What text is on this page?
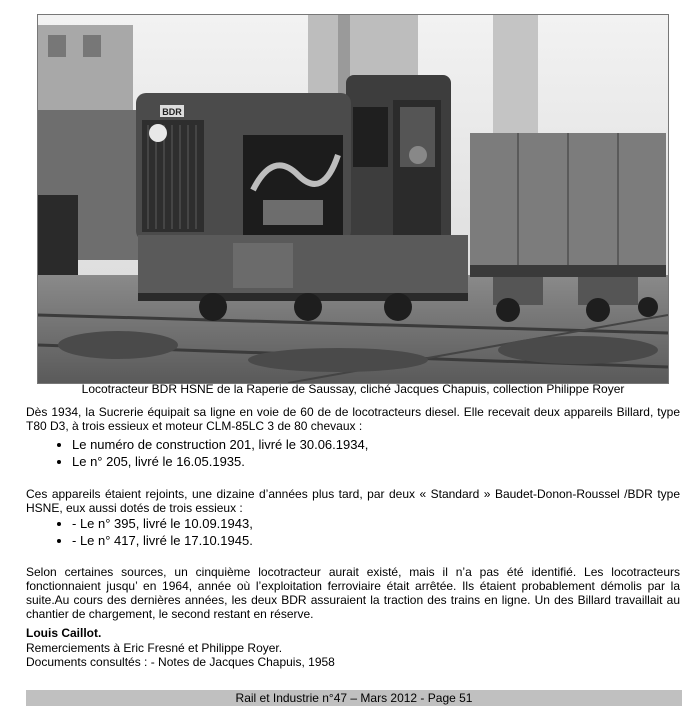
BDR
Locotracteur BDR HSNE de la Raperie de Saussay, cliché Jacques Chapuis, collection Philippe Royer
Dès 1934, la Sucrerie équipait sa ligne en voie de 60 de de locotracteurs diesel. Elle recevait deux appareils Billard, type T80 D3, à trois essieux et moteur CLM-85LC 3 de 80 chevaux :
• Le numéro de construction 201, livré le 30.06.1934,
• Le n° 205, livré le 16.05.1935.
Ces appareils étaient rejoints, une dizaine d’années plus tard, par deux « Standard » Baudet-Donon-Roussel /BDR type HSNE, eux aussi dotés de trois essieux :
• - Le n° 395, livré le 10.09.1943,
• - Le n° 417, livré le 17.10.1945.
Selon certaines sources, un cinquième locotracteur aurait existé, mais il n’a pas été identifié. Les locotracteurs fonctionnaient jusqu’ en 1964, année où l’exploitation ferroviaire était arrêtée. Ils étaient probablement démolis par la suite.Au cours des dernières années, les deux BDR assuraient la traction des trains en ligne. Un des Billard travaillait au chantier de chargement, le second restant en réserve.
Louis Caillot.
Remerciements à Eric Fresné et Philippe Royer.
Documents consultés : - Notes de Jacques Chapuis, 1958
Rail et Industrie n°47 – Mars 2012 - Page 51
